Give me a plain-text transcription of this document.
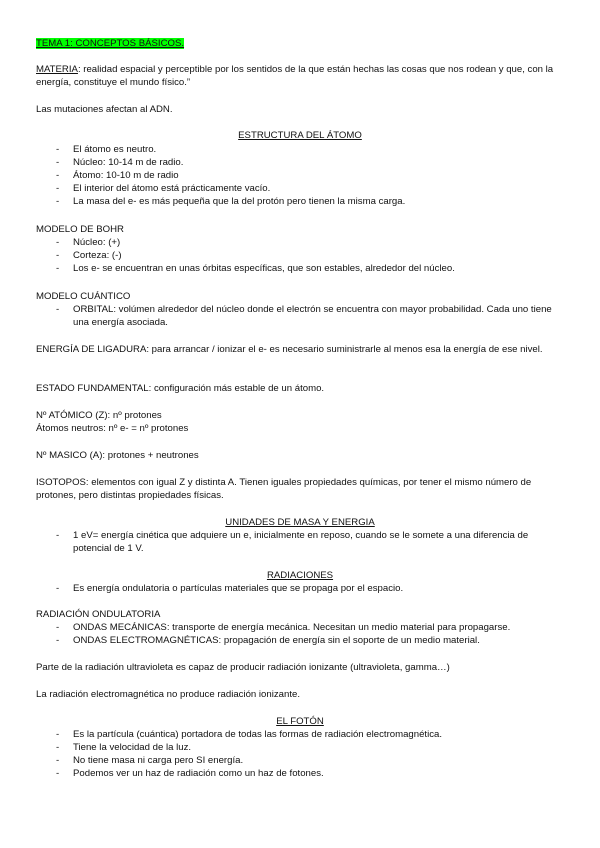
TEMA 1: CONCEPTOS BÁSICOS.

MATERIA: realidad espacial y perceptible por los sentidos de la que están hechas las cosas que nos rodean y que, con la energía, constituye el mundo físico.”

Las mutaciones afectan al ADN.

ESTRUCTURA DEL ÁTOMO

- El átomo es neutro.
- Núcleo: 10-14 m de radio.
- Átomo: 10-10 m de radio
- El interior del átomo está prácticamente vacío.
- La masa del e- es más pequeña que la del protón pero tienen la misma carga.

MODELO DE BOHR

- Núcleo: (+)
- Corteza: (-)
- Los e- se encuentran en unas órbitas específicas, que son estables, alrededor del núcleo.

MODELO CUÁNTICO

- ORBITAL: volúmen alrededor del núcleo donde el electrón se encuentra con mayor probabilidad. Cada uno tiene una energía asociada.

ENERGÍA DE LIGADURA: para arrancar / ionizar el e- es necesario suministrarle al menos esa la energía de ese nivel.

ESTADO FUNDAMENTAL: configuración más estable de un átomo.

Nº ATÓMICO (Z): nº protones

Átomos neutros: nº e- = nº protones

Nº MASICO (A): protones + neutrones

ISOTOPOS: elementos con igual Z y distinta A. Tienen iguales propiedades químicas, por tener el mismo número de protones, pero distintas propiedades físicas.

UNIDADES DE MASA Y ENERGIA

- 1 eV= energía cinética que adquiere un e, inicialmente en reposo, cuando se le somete a una diferencia de potencial de 1 V.

RADIACIONES

- Es energía ondulatoria o partículas materiales que se propaga por el espacio.

RADIACIÓN ONDULATORIA

- ONDAS MECÁNICAS: transporte de energía mecánica. Necesitan un medio material para propagarse.
- ONDAS ELECTROMAGNÉTICAS: propagación de energía sin el soporte de un medio material.

Parte de la radiación ultravioleta es capaz de producir radiación ionizante (ultravioleta, gamma…)

La radiación electromagnética no produce radiación ionizante.

EL FOTÓN

- Es la partícula (cuántica) portadora de todas las formas de radiación electromagnética.
- Tiene la velocidad de la luz.
- No tiene masa ni carga pero SI energía.
- Podemos ver un haz de radiación como un haz de fotones.
